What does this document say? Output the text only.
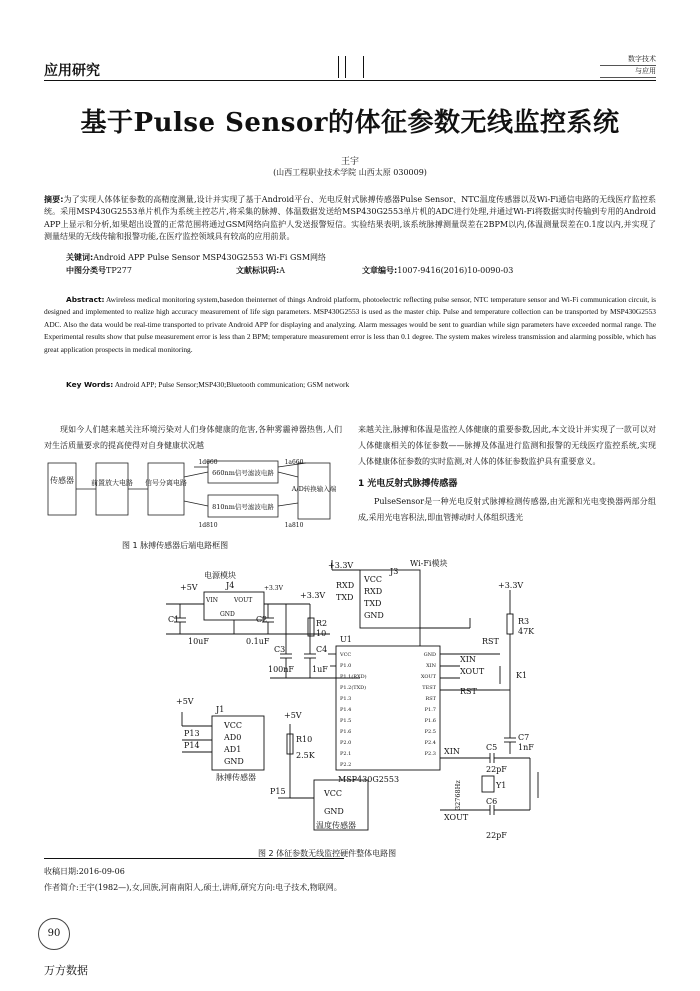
应用研究
数字技术
与应用
基于Pulse Sensor的体征参数无线监控系统
王宇
(山西工程职业技术学院 山西太原 030009)
摘要:为了实现人体体征参数的高精度测量,设计并实现了基于Android平台、光电反射式脉搏传感器Pulse Sensor、NTC温度传感器以及Wi-Fi通信电路的无线医疗监控系统。采用MSP430G2553单片机作为系统主控芯片,将采集的脉搏、体温数据发送给MSP430G2553单片机的ADC进行处理,并通过Wi-Fi将数据实时传输到专用的Android APP上显示和分析,如果超出设置的正常范围将通过GSM网络向监护人发送报警短信。实验结果表明,该系统脉搏测量误差在2BPM以内,体温测量误差在0.1度以内,并实现了测量结果的无线传输和报警功能,在医疗监控领域具有较高的应用前景。
关键词:Android APP Pulse Sensor MSP430G2553 Wi-Fi GSM网络
中图分类号TP277	文献标识码:A	文章编号:1007-9416(2016)10-0090-03
Abstract: Awireless medical monitoring system,basedon theinternet of things Android platform, photoelectric reflecting pulse sensor, NTC temperature sensor and Wi-Fi communication circuit, is designed and implemented to realize high accuracy measurement of life sign parameters. MSP430G2553 is used as the master chip. Pulse and temperature collection can be transported by MSP430G2553 ADC. Also the data would be real-time transported to private Android APP for displaying and analyzing. Alarm messages would be sent to guardian while sign parameters have exceeded normal range. The Experimental results show that pulse measurement error is less than 2 BPM; temperature measurement error is less than 0.1 degree. The system makes wireless transmission and alarming possible, which has great application prospects in medical monitoring.
Key Words: Android APP; Pulse Sensor;MSP430;Bluetooth communication; GSM network
现如今人们越来越关注环境污染对人们身体健康的危害,各种雾霾神器热售,人们对生活质量要求的提高使得对自身健康状况越

来越关注,脉搏和体温是监控人体健康的重要参数,因此,本文设计并实现了一款可以对人体健康相关的体征参数——脉搏及体温进行监测和报警的无线医疗监控系统,实现人体健康体征参数的实时监测,对人体的体征参数监护具有重要意义。

1 光电反射式脉搏传感器

PulseSensor是一种光电反射式脉搏检测传感器,由光源和光电变换器两部分组成,采用光电容积法,即血管搏动时人体组织透光

传感器 前置放大电路 信号分离电路
660nm信号滤波电路
810nm信号滤波电路
A/D转换输入端
1d660	1a660
1d810	1a810
图 1 脉搏传感器后端电路框图
电源模块
Wi-Fi模块
J3
J4
+5V	+3.3V
+3.3V
+3.3V
+3.3V
VIN	VOUT
GND
C1	C2
10uF	0.1uF
R2
10
C3
100nF
C4
1uF
VCC
RXD
TXD
GND
RXD
TXD
U1
MSP430G2553
R3
47K
RST
K1
XIN
XOUT
RST
C7
1nF
C5
22pF
C6
22pF
Y1
32768Hz
XIN
XOUT
+5V
J1
VCC
AD0
AD1
GND
P13
P14
脉搏传感器
+5V
R10
2.5K
P15	VCC
GND
温度传感器
VCC
P1.0
P1.1(RXD)
P1.2(TXD)
P1.3
P1.4
P1.5
P1.6
P2.0
P2.1
P2.2
GND
XIN
XOUT
TEST
RST
P1.7
P1.6
P2.5
P2.4
P2.3
图 2 体征参数无线监控硬件整体电路图
收稿日期:2016-09-06
作者简介:王宇(1982—),女,回族,河南南阳人,硕士,讲师,研究方向:电子技术,物联网。
90
万方数据
